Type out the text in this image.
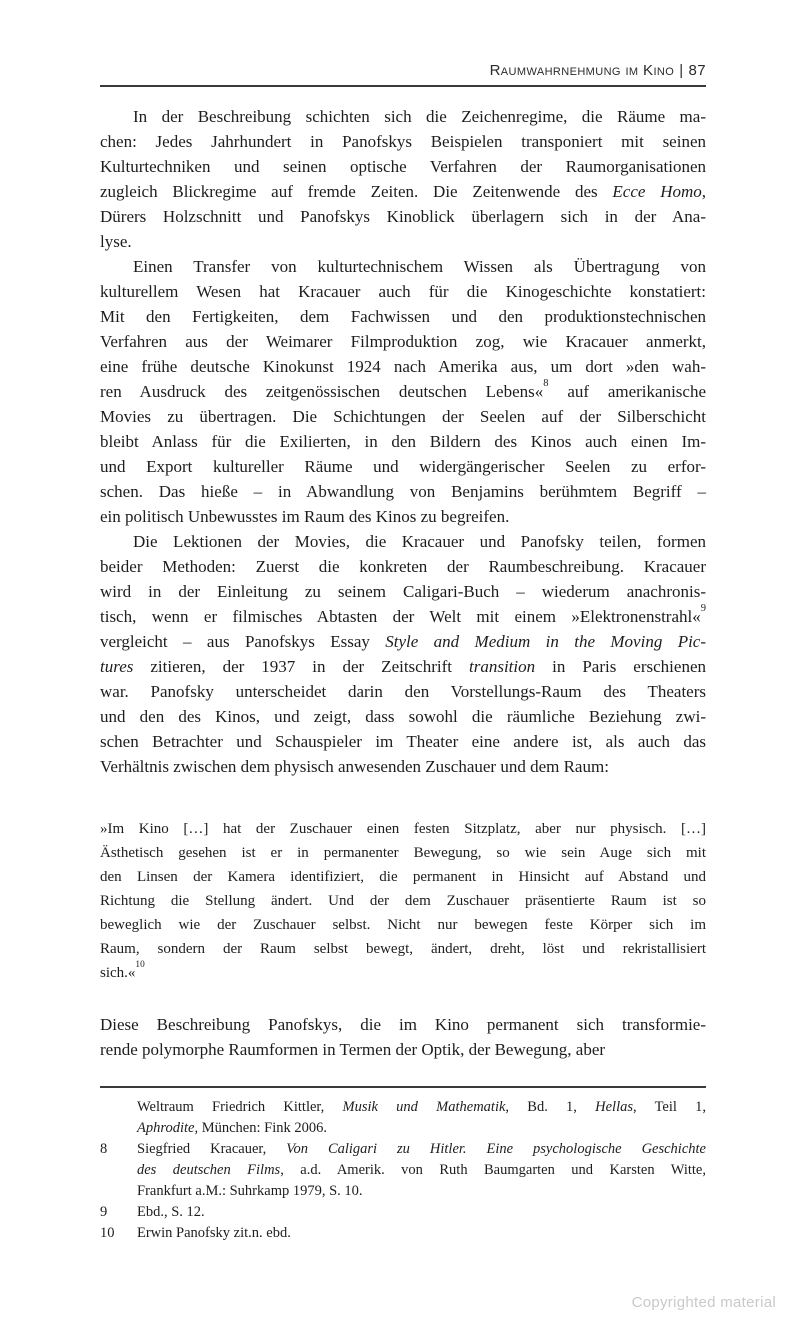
Raumwahrnehmung im Kino | 87
In der Beschreibung schichten sich die Zeichenregime, die Räume ma-
chen: Jedes Jahrhundert in Panofskys Beispielen transponiert mit seinen
Kulturtechniken und seinen optische Verfahren der Raumorganisationen
zugleich Blickregime auf fremde Zeiten. Die Zeitenwende des Ecce Homo,
Dürers Holzschnitt und Panofskys Kinoblick überlagern sich in der Ana-
lyse.
Einen Transfer von kulturtechnischem Wissen als Übertragung von
kulturellem Wesen hat Kracauer auch für die Kinogeschichte konstatiert:
Mit den Fertigkeiten, dem Fachwissen und den produktionstechnischen
Verfahren aus der Weimarer Filmproduktion zog, wie Kracauer anmerkt,
eine frühe deutsche Kinokunst 1924 nach Amerika aus, um dort »den wah-
ren Ausdruck des zeitgenössischen deutschen Lebens«$^8$ auf amerikanische
Movies zu übertragen. Die Schichtungen der Seelen auf der Silberschicht
bleibt Anlass für die Exilierten, in den Bildern des Kinos auch einen Im-
und Export kultureller Räume und widergängerischer Seelen zu erfor-
schen. Das hieße – in Abwandlung von Benjamins berühmtem Begriff –
ein politisch Unbewusstes im Raum des Kinos zu begreifen.
Die Lektionen der Movies, die Kracauer und Panofsky teilen, formen
beider Methoden: Zuerst die konkreten der Raumbeschreibung. Kracauer
wird in der Einleitung zu seinem Caligari-Buch – wiederum anachronis-
tisch, wenn er filmisches Abtasten der Welt mit einem »Elektronenstrahl«$^9$
vergleicht – aus Panofskys Essay Style and Medium in the Moving Pic-
tures zitieren, der 1937 in der Zeitschrift transition in Paris erschienen
war. Panofsky unterscheidet darin den Vorstellungs-Raum des Theaters
und den des Kinos, und zeigt, dass sowohl die räumliche Beziehung zwi-
schen Betrachter und Schauspieler im Theater eine andere ist, als auch das
Verhältnis zwischen dem physisch anwesenden Zuschauer und dem Raum:
»Im Kino […] hat der Zuschauer einen festen Sitzplatz, aber nur physisch. […]
Ästhetisch gesehen ist er in permanenter Bewegung, so wie sein Auge sich mit
den Linsen der Kamera identifiziert, die permanent in Hinsicht auf Abstand und
Richtung die Stellung ändert. Und der dem Zuschauer präsentierte Raum ist so
beweglich wie der Zuschauer selbst. Nicht nur bewegen feste Körper sich im
Raum, sondern der Raum selbst bewegt, ändert, dreht, löst und rekristallisiert
sich.«$^{10}$
Diese Beschreibung Panofskys, die im Kino permanent sich transformie-
rende polymorphe Raumformen in Termen der Optik, der Bewegung, aber
Weltraum Friedrich Kittler, Musik und Mathematik, Bd. 1, Hellas, Teil 1,
Aphrodite, München: Fink 2006.
8	Siegfried Kracauer, Von Caligari zu Hitler. Eine psychologische Geschichte
des deutschen Films, a.d. Amerik. von Ruth Baumgarten und Karsten Witte,
Frankfurt a.M.: Suhrkamp 1979, S. 10.
9	Ebd., S. 12.
10	Erwin Panofsky zit.n. ebd.
Copyrighted material
